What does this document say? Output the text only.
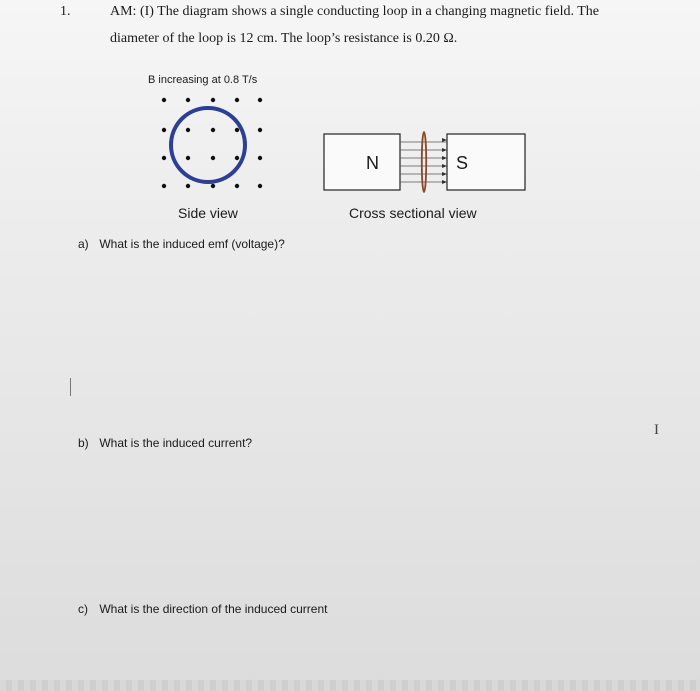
1.	AM: (I) The diagram shows a single conducting loop in a changing magnetic field. The
diameter of the loop is 12 cm. The loop’s resistance is 0.20 Ω.
N	S
B increasing at 0.8 T/s
Side view	Cross sectional view
a) What is the induced emf (voltage)?
b) What is the induced current?
c) What is the direction of the induced current
I
